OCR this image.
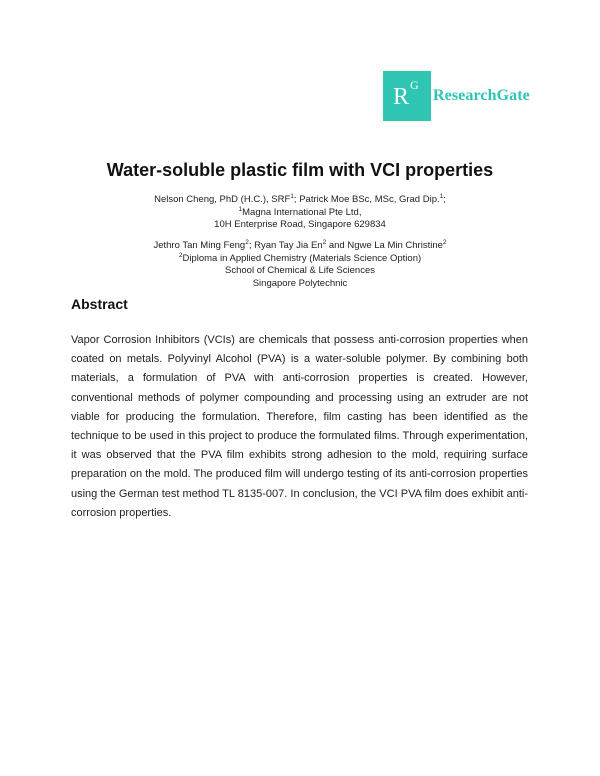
R G
ResearchGate
Water-soluble plastic film with VCI properties
Nelson Cheng, PhD (H.C.), SRF$^1$; Patrick Moe BSc, MSc, Grad Dip.$^1$;
$^1$Magna International Pte Ltd,
10H Enterprise Road, Singapore 629834
Jethro Tan Ming Feng$^2$; Ryan Tay Jia En$^2$ and Ngwe La Min Christine$^2$
$^2$Diploma in Applied Chemistry (Materials Science Option)
School of Chemical & Life Sciences
Singapore Polytechnic
Abstract
Vapor Corrosion Inhibitors (VCIs) are chemicals that possess anti-corrosion properties when coated on metals. Polyvinyl Alcohol (PVA) is a water-soluble polymer. By combining both materials, a formulation of PVA with anti-corrosion properties is created. However, conventional methods of polymer compounding and processing using an extruder are not viable for producing the formulation. Therefore, film casting has been identified as the technique to be used in this project to produce the formulated films. Through experimentation, it was observed that the PVA film exhibits strong adhesion to the mold, requiring surface preparation on the mold. The produced film will undergo testing of its anti-corrosion properties using the German test method TL 8135-007. In conclusion, the VCI PVA film does exhibit anti-corrosion properties.
